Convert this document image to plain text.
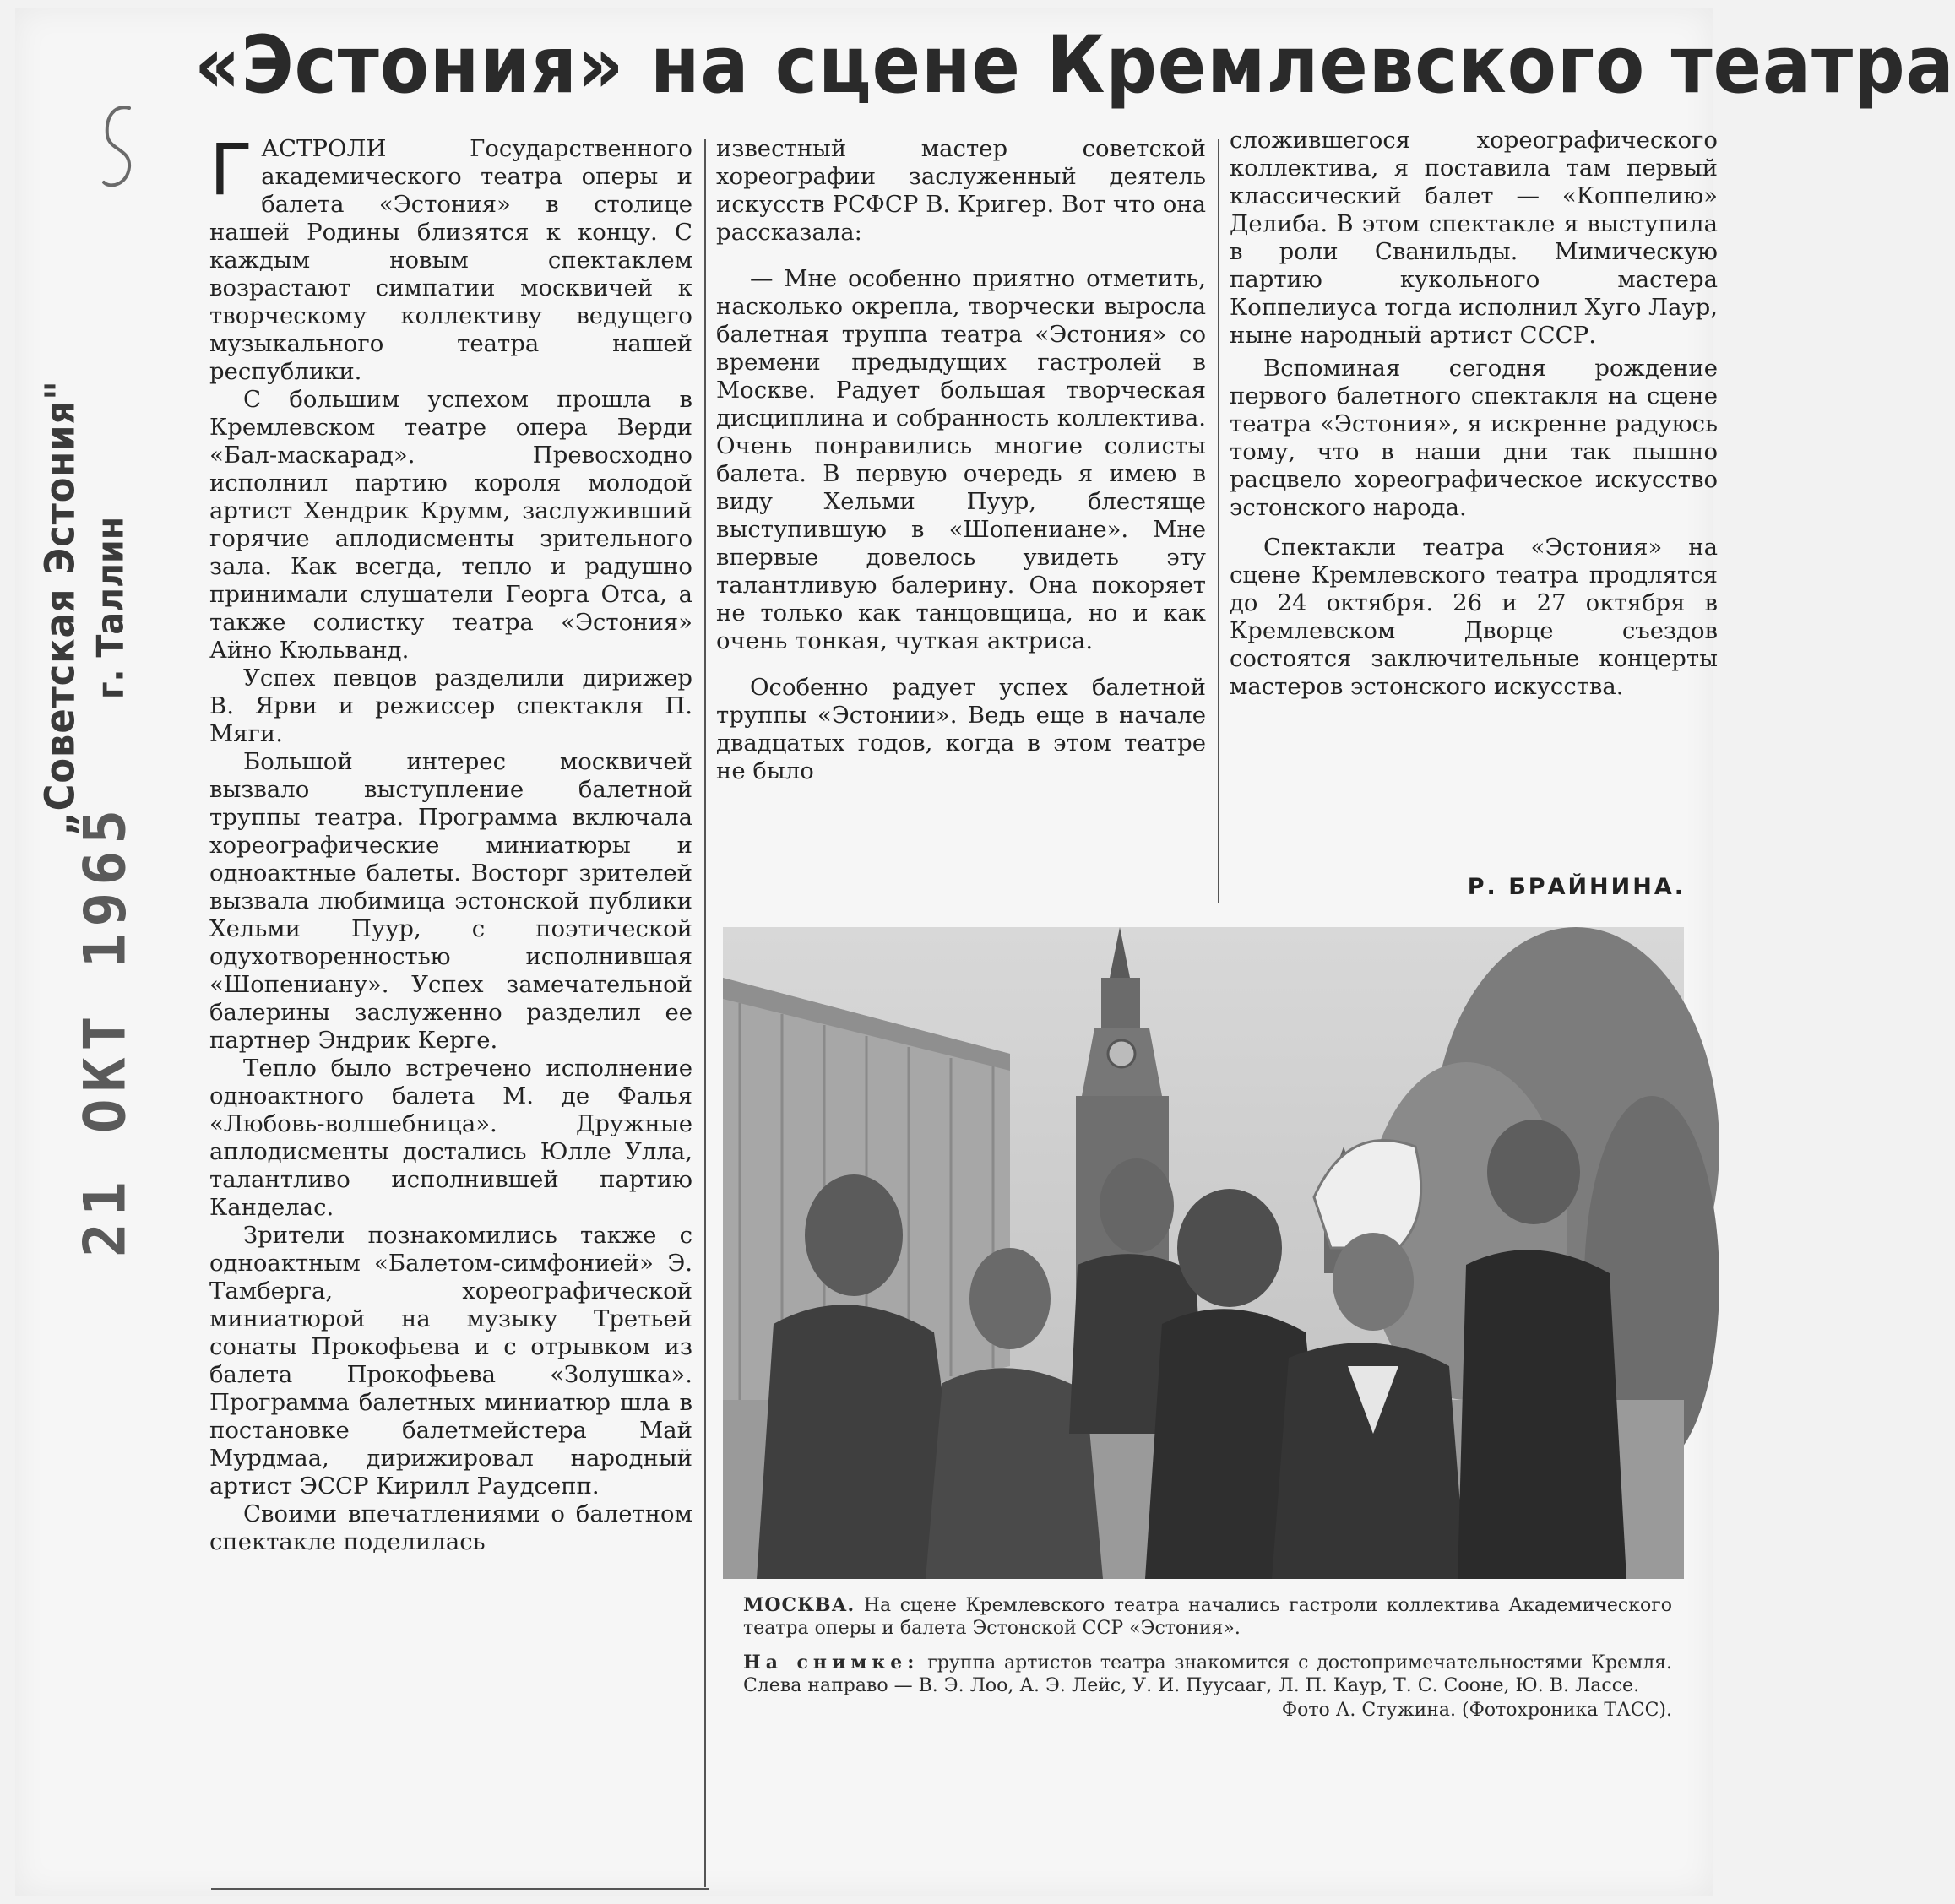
„Советская Эстония" г. Таллин
21 ОКТ 1965
«Эстония» на сцене Кремлевского театра

ГАСТРОЛИ Государственного академического театра оперы и балета «Эстония» в столице нашей Родины близятся к концу. С каждым новым спектаклем возрастают симпатии москвичей к творческому коллективу ведущего музыкального театра нашей республики.

С большим успехом прошла в Кремлевском театре опера Верди «Бал-маскарад». Превосходно исполнил партию короля молодой артист Хендрик Крумм, заслуживший горячие аплодисменты зрительного зала. Как всегда, тепло и радушно принимали слушатели Георга Отса, а также солистку театра «Эстония» Айно Кюльванд.

Успех певцов разделили дирижер В. Ярви и режиссер спектакля П. Мяги.

Большой интерес москвичей вызвало выступление балетной труппы театра. Программа включала хореографические миниатюры и одноактные балеты. Восторг зрителей вызвала любимица эстонской публики Хельми Пуур, с поэтической одухотворенностью исполнившая «Шопениану». Успех замечательной балерины заслуженно разделил ее партнер Эндрик Керге.

Тепло было встречено исполнение одноактного балета М. де Фалья «Любовь-волшебница». Дружные аплодисменты достались Юлле Улла, талантливо исполнившей партию Канделас.

Зрители познакомились также с одноактным «Балетом-симфонией» Э. Тамберга, хореографической миниатюрой на музыку Третьей сонаты Прокофьева и с отрывком из балета Прокофьева «Золушка». Программа балетных миниатюр шла в постановке балетмейстера Май Мурдмаа, дирижировал народный артист ЭССР Кирилл Раудсепп.

Своими впечатлениями о балетном спектакле поделилась

известный мастер советской хореографии заслуженный деятель искусств РСФСР В. Кригер. Вот что она рассказала:

— Мне особенно приятно отметить, насколько окрепла, творчески выросла балетная труппа театра «Эстония» со времени предыдущих гастролей в Москве. Радует большая творческая дисциплина и собранность коллектива. Очень понравились многие солисты балета. В первую очередь я имею в виду Хельми Пуур, блестяще выступившую в «Шопениане». Мне впервые довелось увидеть эту талантливую балерину. Она покоряет не только как танцовщица, но и как очень тонкая, чуткая актриса.

Особенно радует успех балетной труппы «Эстонии». Ведь еще в начале двадцатых годов, когда в этом театре не было

сложившегося хореографического коллектива, я поставила там первый классический балет — «Коппелию» Делиба. В этом спектакле я выступила в роли Сванильды. Мимическую партию кукольного мастера Коппелиуса тогда исполнил Хуго Лаур, ныне народный артист СССР.

Вспоминая сегодня рождение первого балетного спектакля на сцене театра «Эстония», я искренне радуюсь тому, что в наши дни так пышно расцвело хореографическое искусство эстонского народа.

Спектакли театра «Эстония» на сцене Кремлевского театра продлятся до 24 октября. 26 и 27 октября в Кремлевском Дворце съездов состоятся заключительные концерты мастеров эстонского искусства.

Р. БРАЙНИНА.

МОСКВА. На сцене Кремлевского театра начались гастроли коллектива Академического театра оперы и балета Эстонской ССР «Эстония».

На снимке: группа артистов театра знакомится с достопримечательностями Кремля. Слева направо — В. Э. Лоо, А. Э. Лейс, У. И. Пуусааг, Л. П. Каур, Т. С. Сооне, Ю. В. Лассе.

Фото А. Стужина. (Фотохроника ТАСС).
